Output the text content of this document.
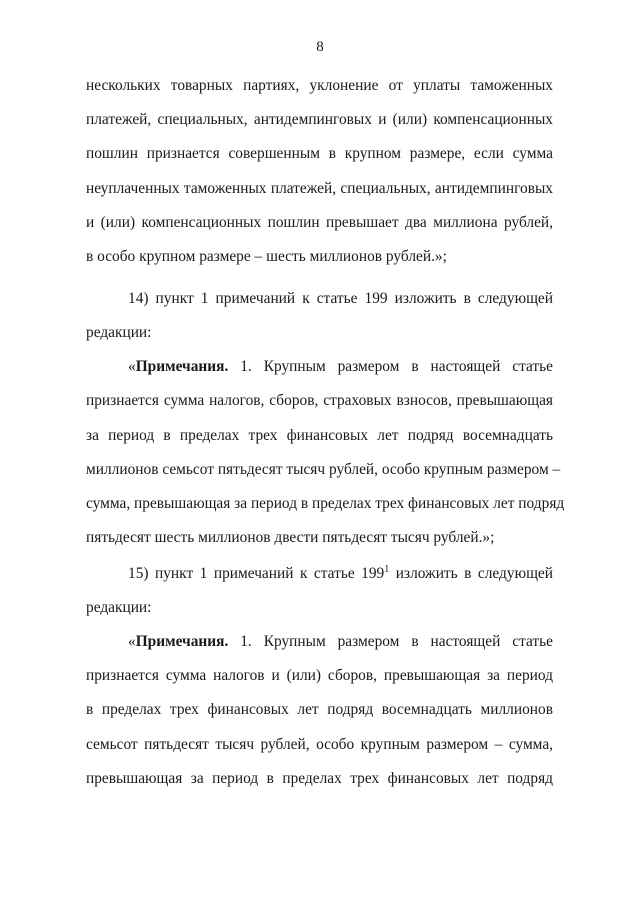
8
нескольких товарных партиях, уклонение от уплаты таможенных
платежей, специальных, антидемпинговых и (или) компенсационных
пошлин признается совершенным в крупном размере, если сумма
неуплаченных таможенных платежей, специальных, антидемпинговых
и (или) компенсационных пошлин превышает два миллиона рублей,
в особо крупном размере – шесть миллионов рублей.»;
14) пункт 1 примечаний к статье 199 изложить в следующей
редакции:
«Примечания. 1. Крупным размером в настоящей статье
признается сумма налогов, сборов, страховых взносов, превышающая
за период в пределах трех финансовых лет подряд восемнадцать
миллионов семьсот пятьдесят тысяч рублей, особо крупным размером –
сумма, превышающая за период в пределах трех финансовых лет подряд
пятьдесят шесть миллионов двести пятьдесят тысяч рублей.»;
15) пункт 1 примечаний к статье $199^1$ изложить в следующей
редакции:
«Примечания. 1. Крупным размером в настоящей статье
признается сумма налогов и (или) сборов, превышающая за период
в пределах трех финансовых лет подряд восемнадцать миллионов
семьсот пятьдесят тысяч рублей, особо крупным размером – сумма,
превышающая за период в пределах трех финансовых лет подряд
